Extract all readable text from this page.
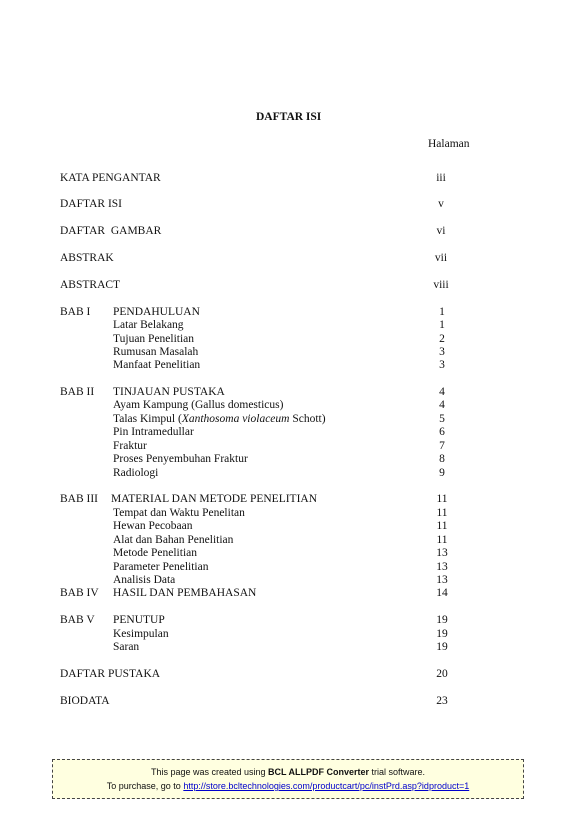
DAFTAR ISI
Halaman
KATA PENGANTAR	iii
DAFTAR ISI	v
DAFTAR  GAMBAR	vi
ABSTRAK	vii
ABSTRACT	viii
BAB I PENDAHULUAN	1
Latar Belakang	1
Tujuan Penelitian	2
Rumusan Masalah	3
Manfaat Penelitian	3
BAB II TINJAUAN PUSTAKA	4
Ayam Kampung (Gallus domesticus)	4
Talas Kimpul (Xanthosoma violaceum Schott)	5
Pin Intramedullar	6
Fraktur	7
Proses Penyembuhan Fraktur	8
Radiologi	9
BAB III MATERIAL DAN METODE PENELITIAN	11
Tempat dan Waktu Penelitan	11
Hewan Pecobaan	11
Alat dan Bahan Penelitian	11
Metode Penelitian	13
Parameter Penelitian	13
Analisis Data	13
BAB IV HASIL DAN PEMBAHASAN	14
BAB V PENUTUP	19
Kesimpulan	19
Saran	19
DAFTAR PUSTAKA	20
BIODATA	23
This page was created using BCL ALLPDF Converter trial software.
To purchase, go to http://store.bcltechnologies.com/productcart/pc/instPrd.asp?idproduct=1
